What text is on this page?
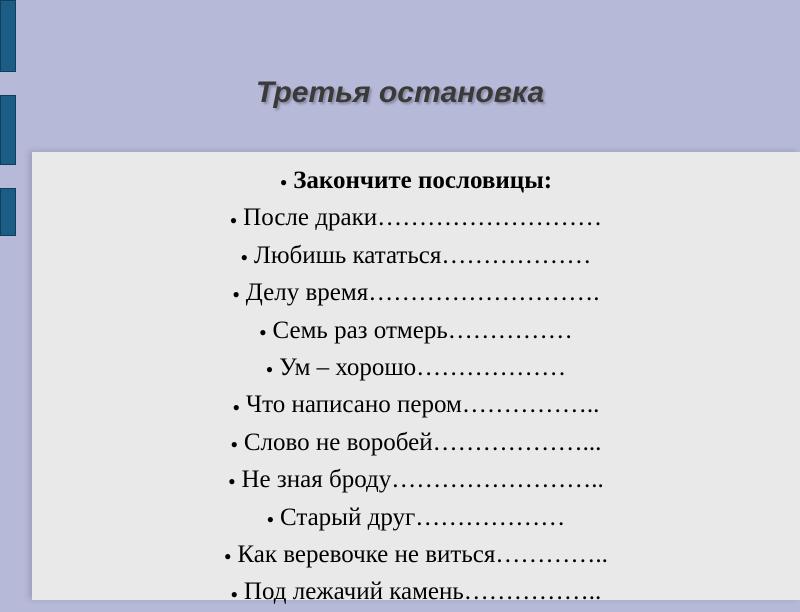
Третья остановка
● Закончите пословицы:
● После драки………………………
● Любишь кататься………………
● Делу время……………………….
● Семь раз отмерь……………
● Ум – хорошо………………
● Что написано пером……………..
● Слово не воробей………………...
● Не зная броду……………………..
● Старый друг………………
● Как веревочке не виться…………..
● Под лежачий камень……………..
